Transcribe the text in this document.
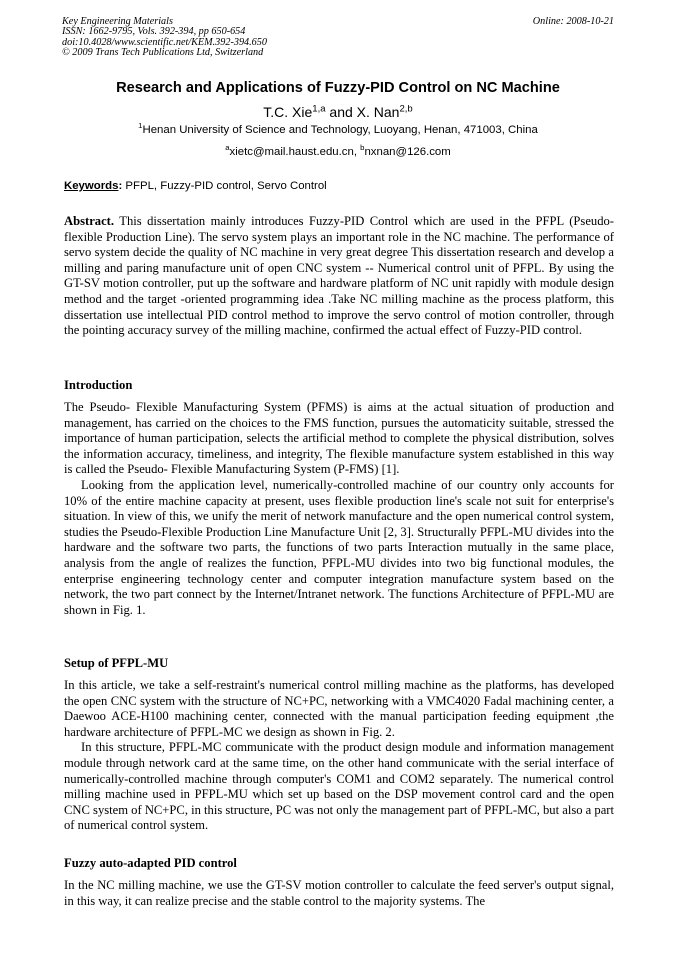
Key Engineering Materials	Online: 2008-10-21
ISSN: 1662-9795, Vols. 392-394, pp 650-654
doi:10.4028/www.scientific.net/KEM.392-394.650
© 2009 Trans Tech Publications Ltd, Switzerland
Research and Applications of Fuzzy-PID Control on NC Machine
T.C. Xie$^{1,a}$ and X. Nan$^{2,b}$
$^1$Henan University of Science and Technology, Luoyang, Henan, 471003, China
$^a$xietc@mail.haust.edu.cn, $^b$nxnan@126.com
Keywords: PFPL, Fuzzy-PID control, Servo Control

Abstract. This dissertation mainly introduces Fuzzy-PID Control which are used in the PFPL (Pseudo-flexible Production Line). The servo system plays an important role in the NC machine. The performance of servo system decide the quality of NC machine in very great degree This dissertation research and develop a milling and paring manufacture unit of open CNC system -- Numerical control unit of PFPL. By using the GT-SV motion controller, put up the software and hardware platform of NC unit rapidly with module design method and the target -oriented programming idea .Take NC milling machine as the process platform, this dissertation use intellectual PID control method to improve the servo control of motion controller, through the pointing accuracy survey of the milling machine, confirmed the actual effect of Fuzzy-PID control.

Introduction

The Pseudo- Flexible Manufacturing System (PFMS) is aims at the actual situation of production and management, has carried on the choices to the FMS function, pursues the automaticity suitable, stressed the importance of human participation, selects the artificial method to complete the physical distribution, solves the information accuracy, timeliness, and integrity, The flexible manufacture system established in this way is called the Pseudo- Flexible Manufacturing System (P-FMS) [1].

Looking from the application level, numerically-controlled machine of our country only accounts for 10% of the entire machine capacity at present, uses flexible production line's scale not suit for enterprise's situation. In view of this, we unify the merit of network manufacture and the open numerical control system, studies the Pseudo-Flexible Production Line Manufacture Unit [2, 3]. Structurally PFPL-MU divides into the hardware and the software two parts, the functions of two parts Interaction mutually in the same place, analysis from the angle of realizes the function, PFPL-MU divides into two big functional modules, the enterprise engineering technology center and computer integration manufacture system based on the network, the two part connect by the Internet/Intranet network. The functions Architecture of PFPL-MU are shown in Fig. 1.

Setup of PFPL-MU

In this article, we take a self-restraint's numerical control milling machine as the platforms, has developed the open CNC system with the structure of NC+PC, networking with a VMC4020 Fadal machining center, a Daewoo ACE-H100 machining center, connected with the manual participation feeding equipment ,the hardware architecture of PFPL-MC we design as shown in Fig. 2.

In this structure, PFPL-MC communicate with the product design module and information management module through network card at the same time, on the other hand communicate with the serial interface of numerically-controlled machine through computer's COM1 and COM2 separately. The numerical control milling machine used in PFPL-MU which set up based on the DSP movement control card and the open CNC system of NC+PC, in this structure, PC was not only the management part of PFPL-MC, but also a part of numerical control system.

Fuzzy auto-adapted PID control

In the NC milling machine, we use the GT-SV motion controller to calculate the feed server's output signal, in this way, it can realize precise and the stable control to the majority systems. The
